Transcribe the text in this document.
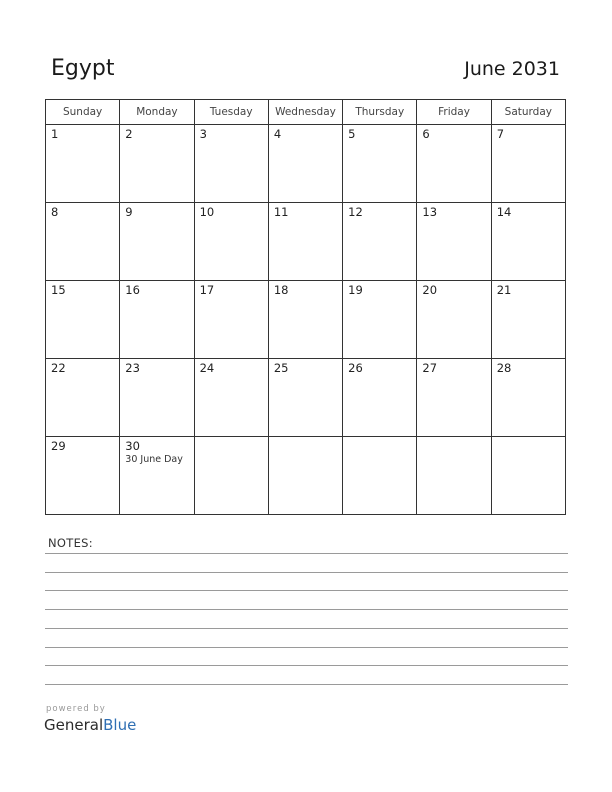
Egypt	June 2031
Sunday	Monday	Tuesday	Wednesday	Thursday	Friday	Saturday

1	2	3	4	5	6	7

8	9	10	11	12	13	14

15	16	17	18	19	20	21

22	23	24	25	26	27	28

29	30
30 June Day					

NOTES:
powered by
GeneralBlue
